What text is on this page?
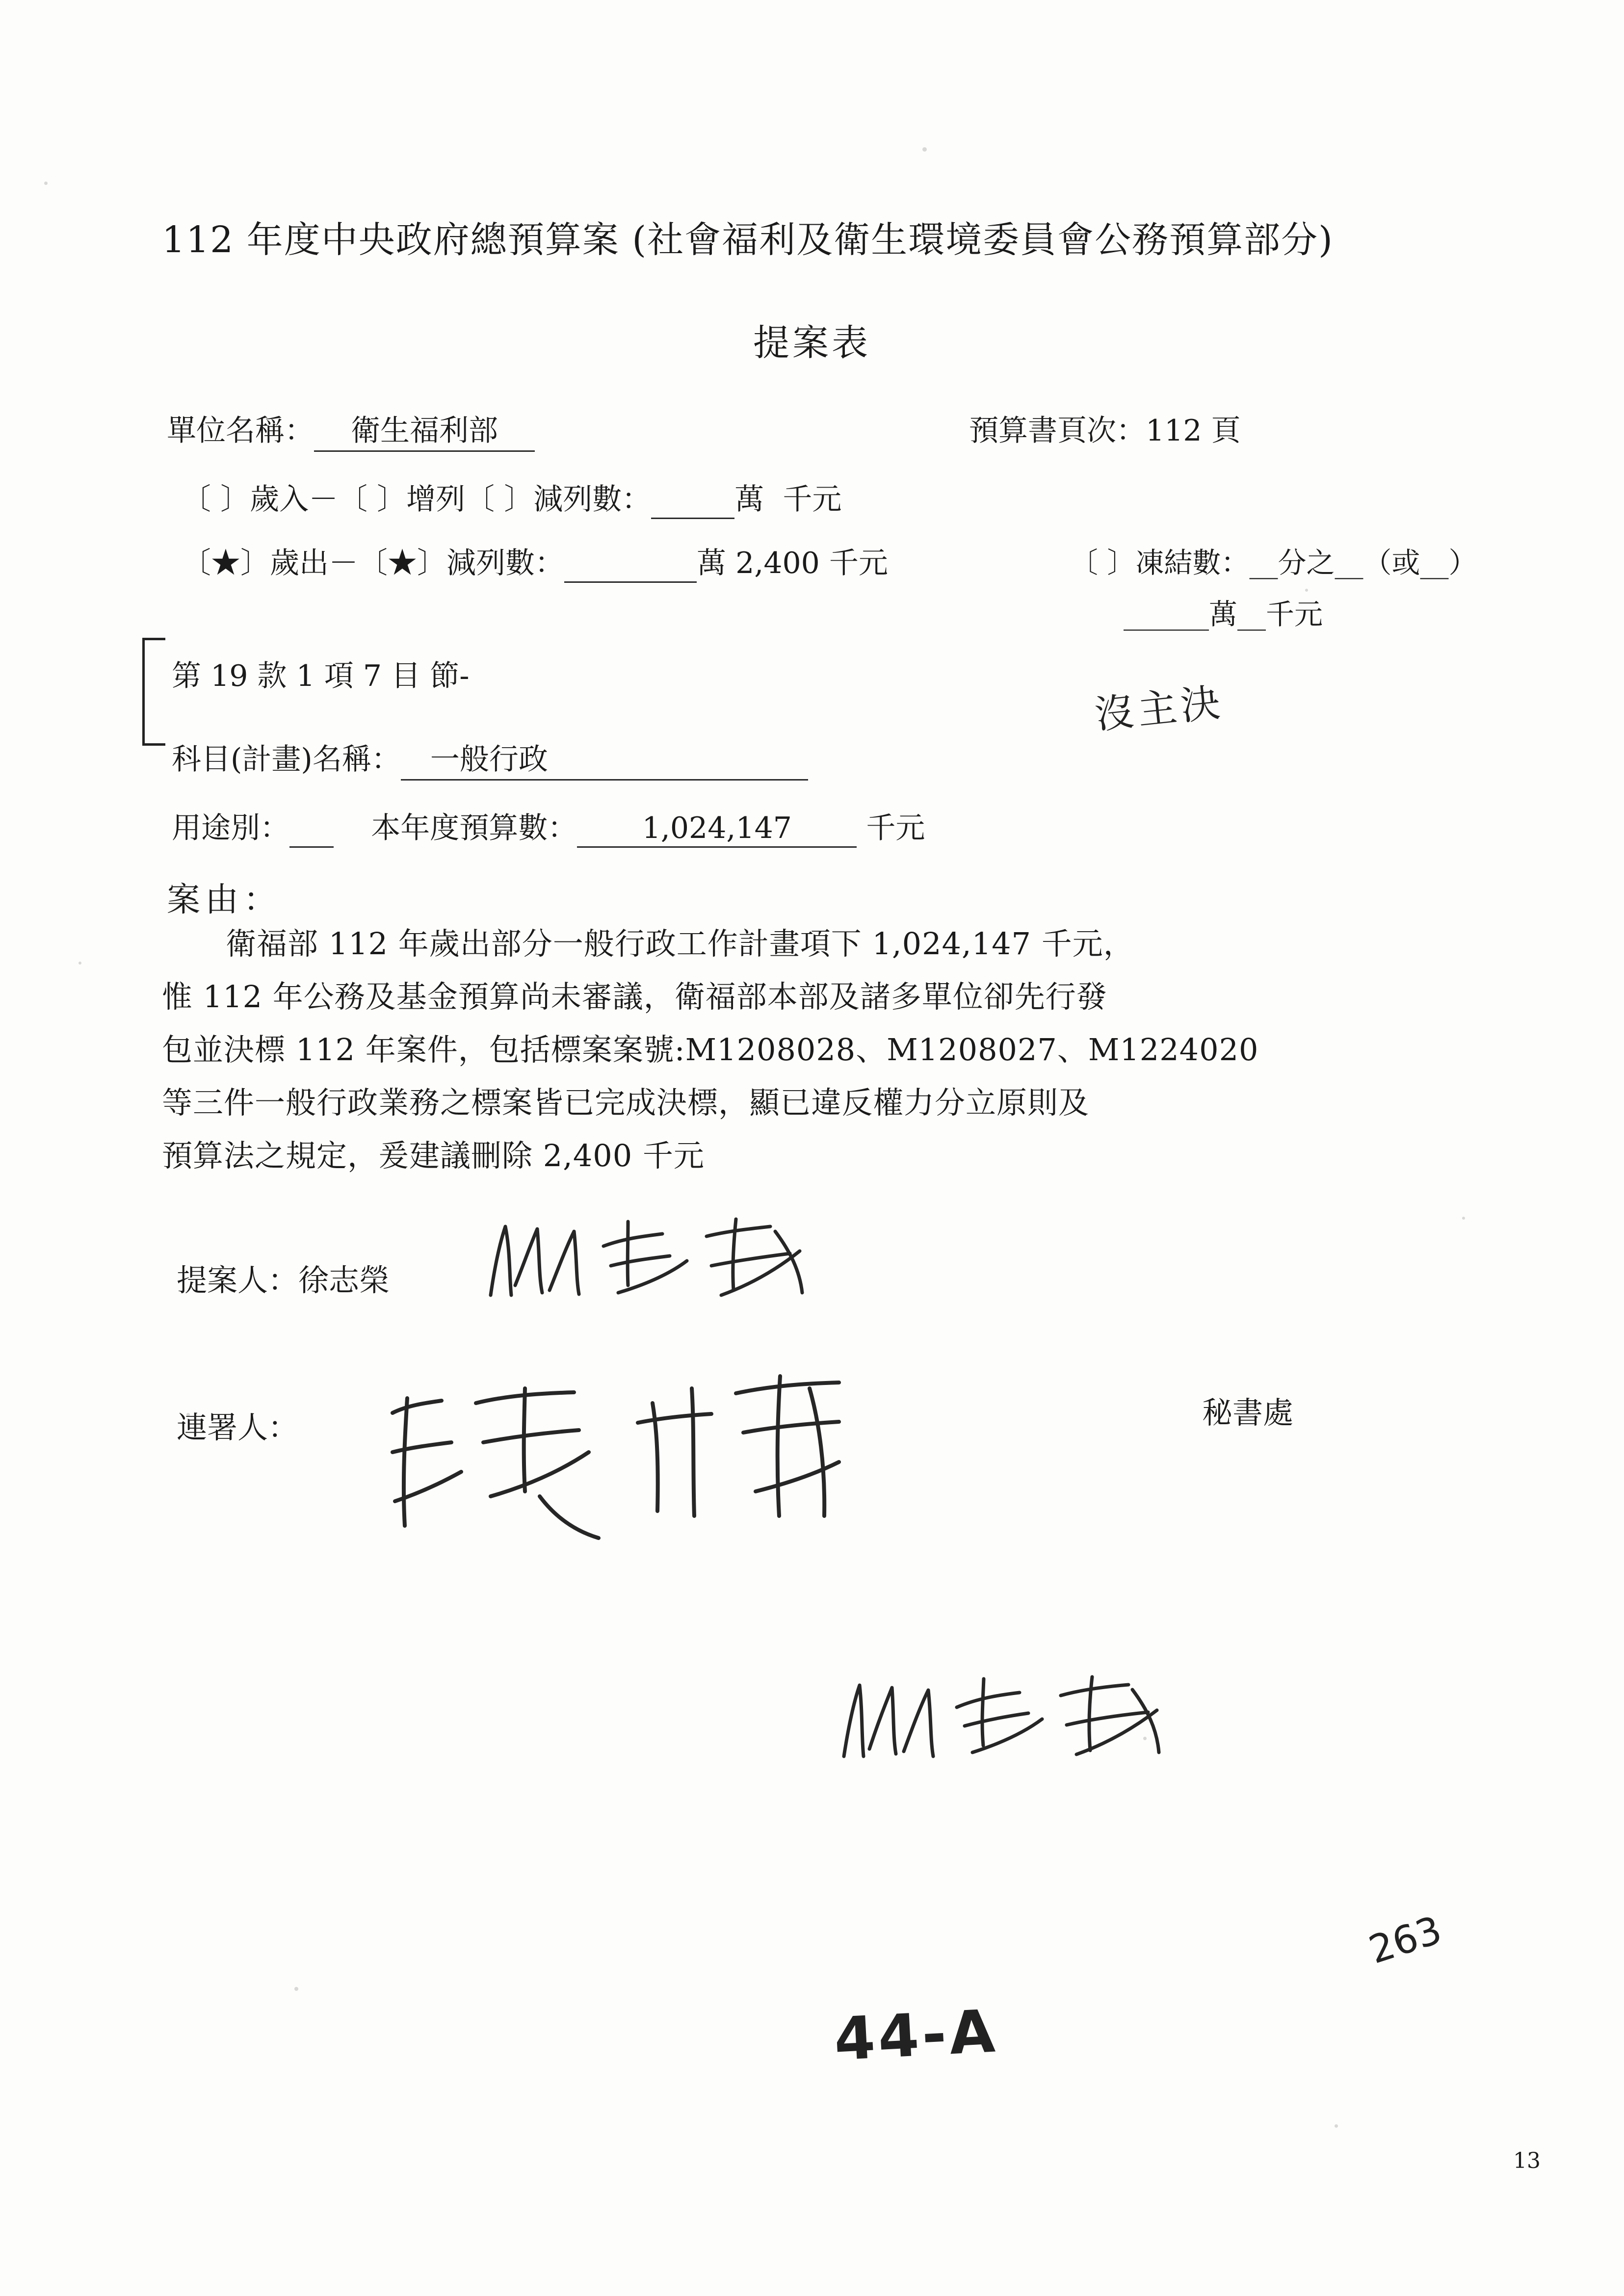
112 年度中央政府總預算案 (社會福利及衛生環境委員會公務預算部分)
提案表
單位名稱： 衛生福利部	預算書頁次：112 頁
〔 〕歲入－〔 〕增列〔 〕減列數：	萬 千元
〔★〕歲出－〔★〕減列數：	萬 2,400 千元	〔 〕凍結數：__分之__（或__）
______萬__千元
第 19 款 1 項 7 目 節-
科目(計畫)名稱： 一般行政
用途別：	本年度預算數： 1,024,147	千元
案由：

衛福部 112 年歲出部分一般行政工作計畫項下 1,024,147 千元，

惟 112 年公務及基金預算尚未審議，衛福部本部及諸多單位卻先行發

包並決標 112 年案件，包括標案案號:M1208028、M1208027、M1224020

等三件一般行政業務之標案皆已完成決標，顯已違反權力分立原則及

預算法之規定，爰建議刪除 2,400 千元

提案人：徐志榮
連署人：	秘書處
沒主決
44-A
263
13
